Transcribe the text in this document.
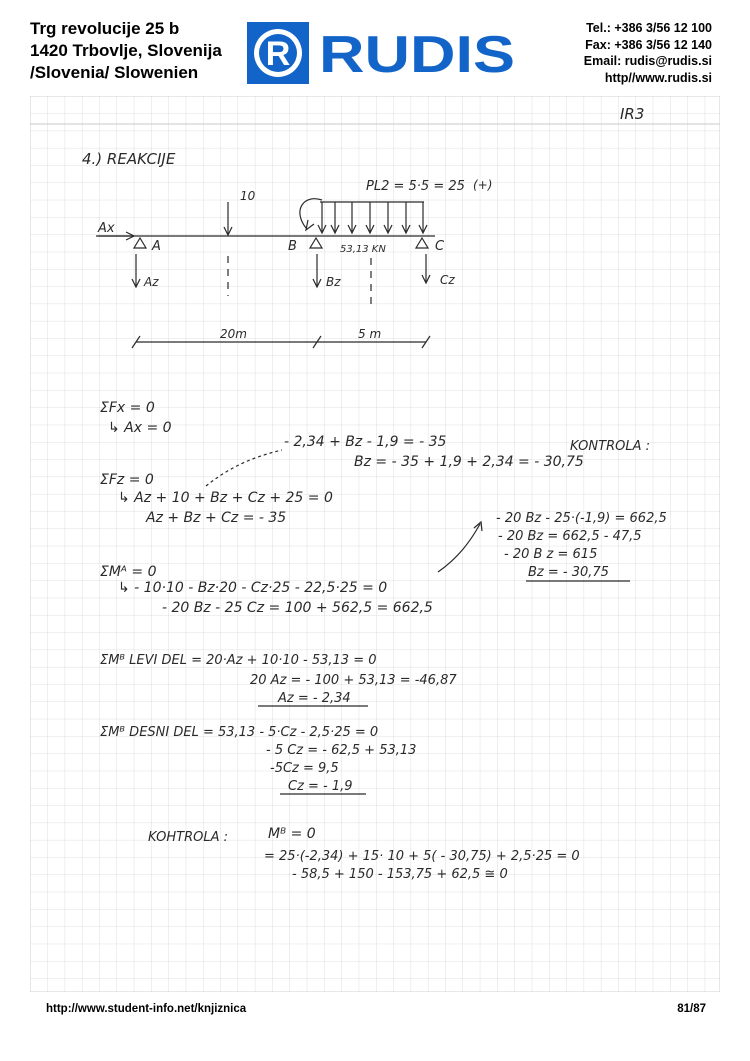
Trg revolucije 25 b
1420 Trbovlje, Slovenija
/Slovenia/ Slowenien	R RUDIS	Tel.: +386 3/56 12 100
Fax: +386 3/56 12 140
Email: rudis@rudis.si
http//www.rudis.si
IR3
4.) REAKCIJE
Ax
A
10
B
PL2 = 5·5 = 25 (+)
53,13 KN	C
Az	Bz	Cz
20m	5 m
ΣFx = 0
↳ Ax = 0
- 2,34 + Bz - 1,9 = - 35	KONTROLA :
Bz = - 35 + 1,9 + 2,34 = - 30,75
ΣFz = 0
↳ Az + 10 + Bz + Cz + 25 = 0
Az + Bz + Cz = - 35	- 20 Bz - 25·(-1,9) = 662,5
- 20 Bz = 662,5 - 47,5
- 20 B z = 615
Bz = - 30,75
ΣMᴬ = 0
↳ - 10·10 - Bz·20 - Cz·25 - 22,5·25 = 0
- 20 Bz - 25 Cz = 100 + 562,5 = 662,5
ΣMᴮ LEVI DEL = 20·Az + 10·10 - 53,13 = 0
20 Az = - 100 + 53,13 = -46,87
Az = - 2,34
ΣMᴮ DESNI DEL = 53,13 - 5·Cz - 2,5·25 = 0
- 5 Cz = - 62,5 + 53,13
-5Cz = 9,5
Cz = - 1,9
KOHTROLA :	Mᴮ = 0
= 25·(-2,34) + 15· 10 + 5( - 30,75) + 2,5·25 = 0
- 58,5 + 150 - 153,75 + 62,5 ≅ 0
http://www.student-info.net/knjiznica	81/87
